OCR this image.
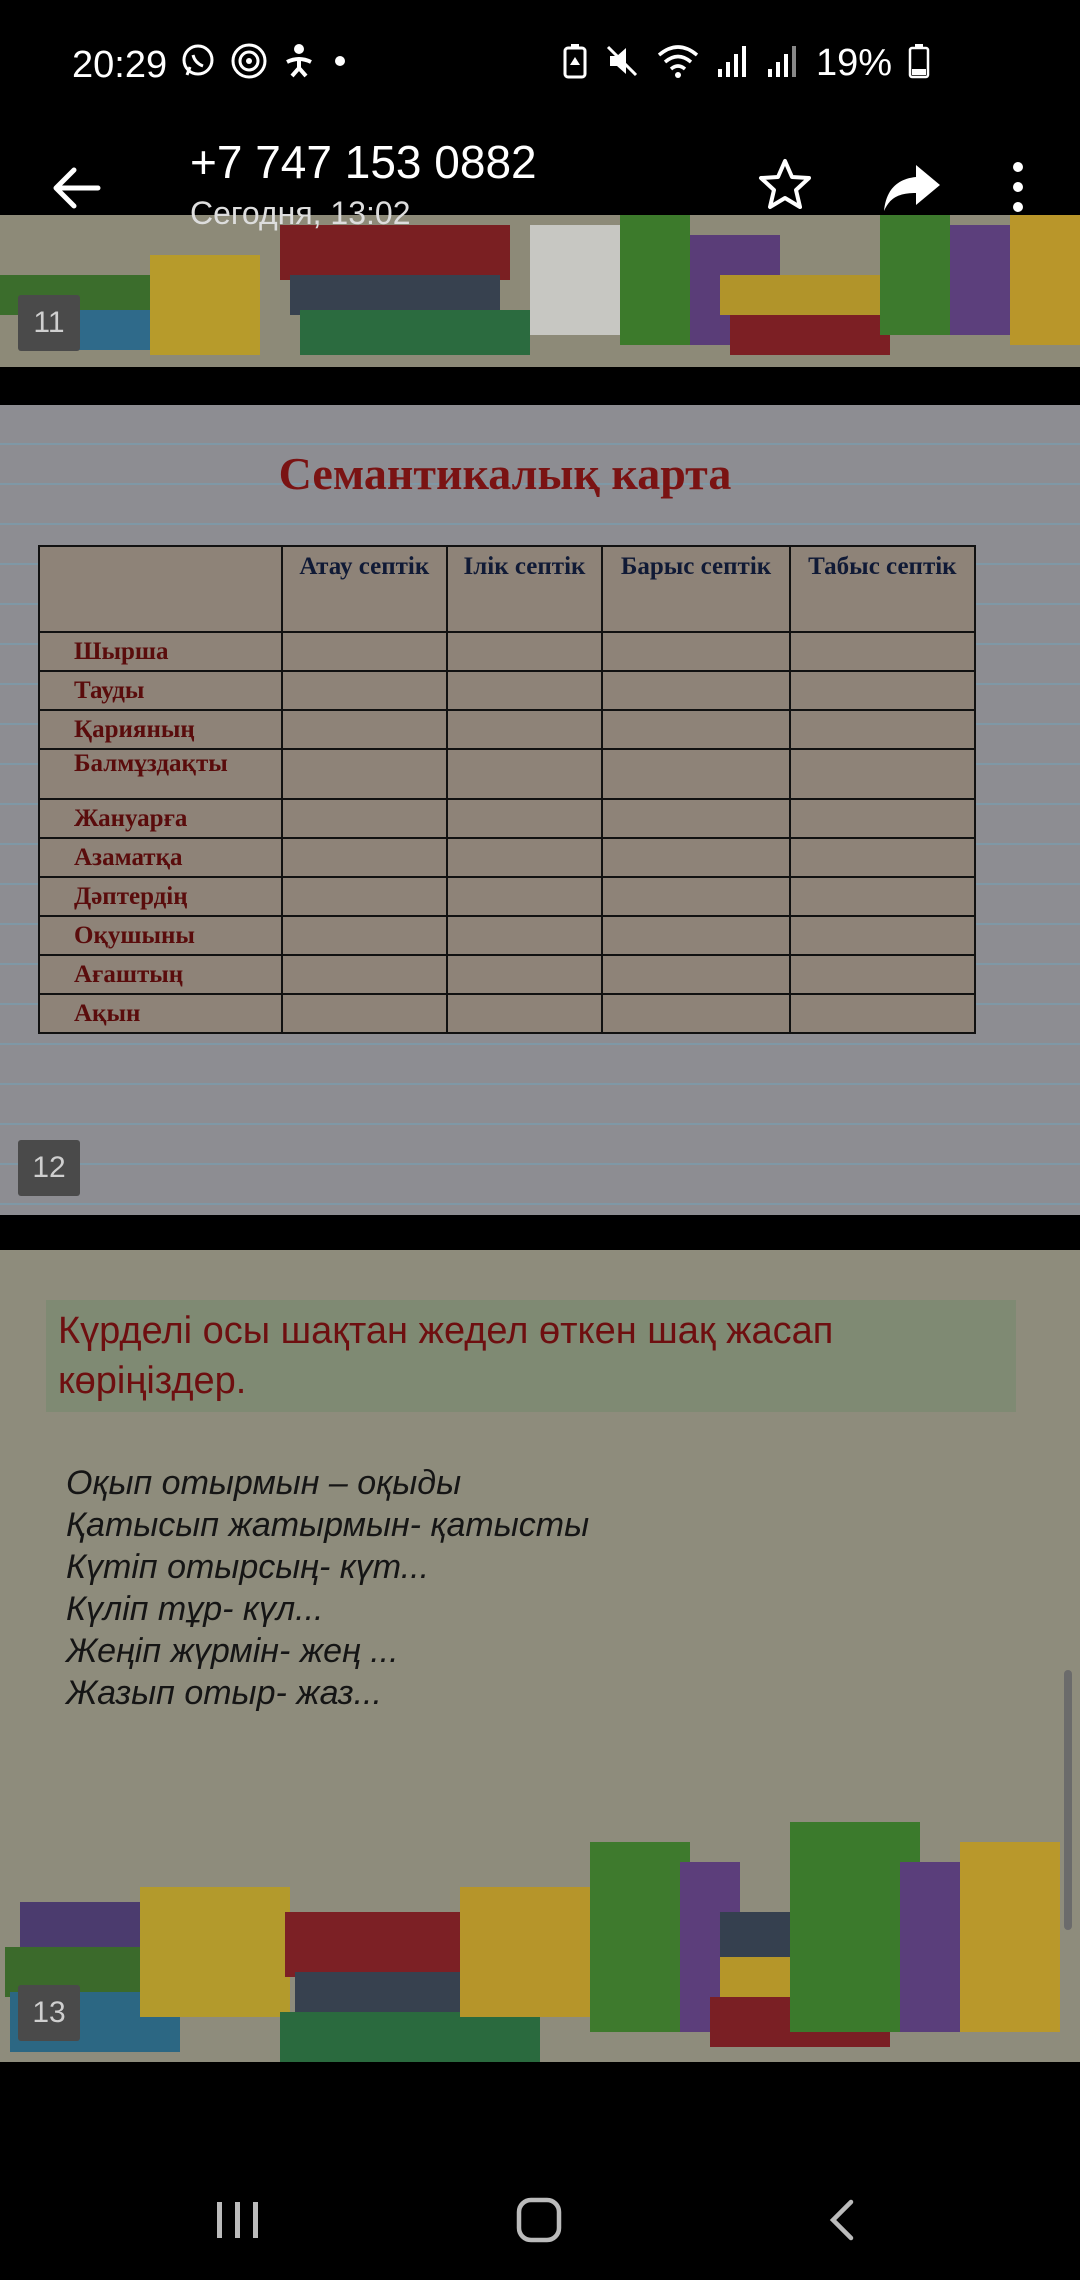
20:29	19%
11
+7 747 153 0882
Сегодня, 13:02
Семантикалық карта
	Атау септік	Ілік септік	Барыс септік	Табыс септік
Шырша				
Тауды				
Қарияның				
Балмұздақты				
Жануарға				
Азаматқа				
Дәптердің				
Оқушыны				
Ағаштың				
Ақын				
12
Күрделі осы шақтан жедел өткен шақ жасап көріңіздер.
Оқып отырмын – оқыды
Қатысып жатырмын- қатысты
Күтіп отырсың- күт...
Күліп тұр- күл...
Жеңіп жүрмін- жең ...
Жазып отыр- жаз...
13
